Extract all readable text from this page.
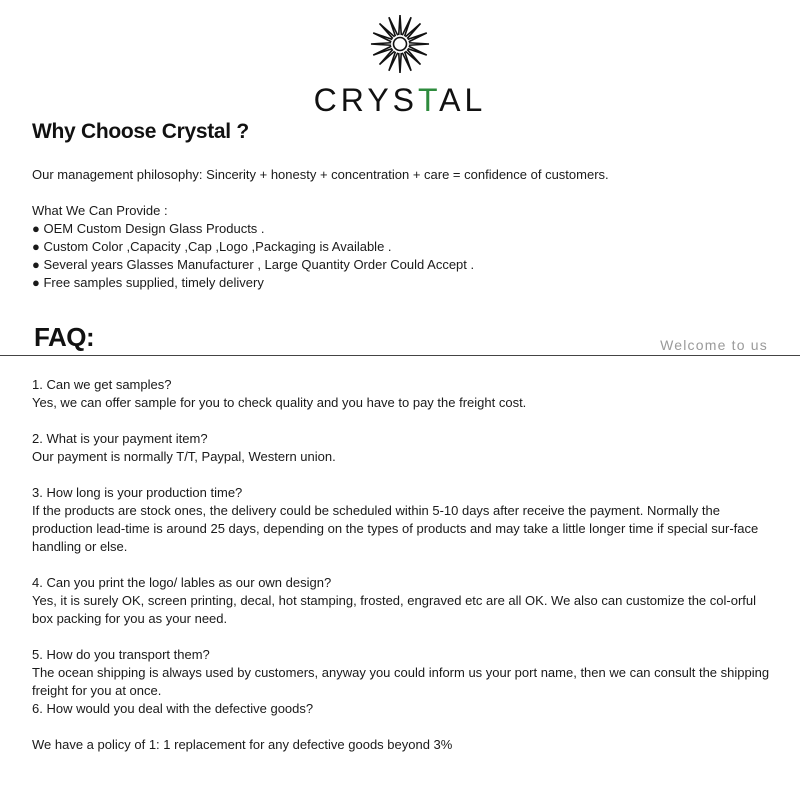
CRYSTAL
Why Choose Crystal ?
Our management philosophy: Sincerity + honesty + concentration + care = confidence of customers.

What We Can Provide :

● OEM Custom Design Glass Products .

● Custom Color ,Capacity ,Cap ,Logo ,Packaging is Available .

● Several years Glasses Manufacturer , Large Quantity Order Could Accept .

● Free samples supplied, timely delivery

FAQ:	Welcome to us

1. Can we get samples?

Yes, we can offer sample for you to check quality and you have to pay the freight cost.

2. What is your payment item?

Our payment is normally T/T, Paypal, Western union.

3. How long is your production time?

If the products are stock ones, the delivery could be scheduled within 5-10 days after receive the payment. Normally the production lead-time is around 25 days, depending on the types of products and may take a little longer time if special sur-face handling or else.

4. Can you print the logo/ lables as our own design?

Yes, it is surely OK, screen printing, decal, hot stamping, frosted, engraved etc are all OK. We also can customize the col-orful box packing for you as your need.

5. How do you transport them?

The ocean shipping is always used by customers, anyway you could inform us your port name, then we can consult the shipping freight for you at once.

6. How would you deal with the defective goods?

We have a policy of 1: 1 replacement for any defective goods beyond 3%
